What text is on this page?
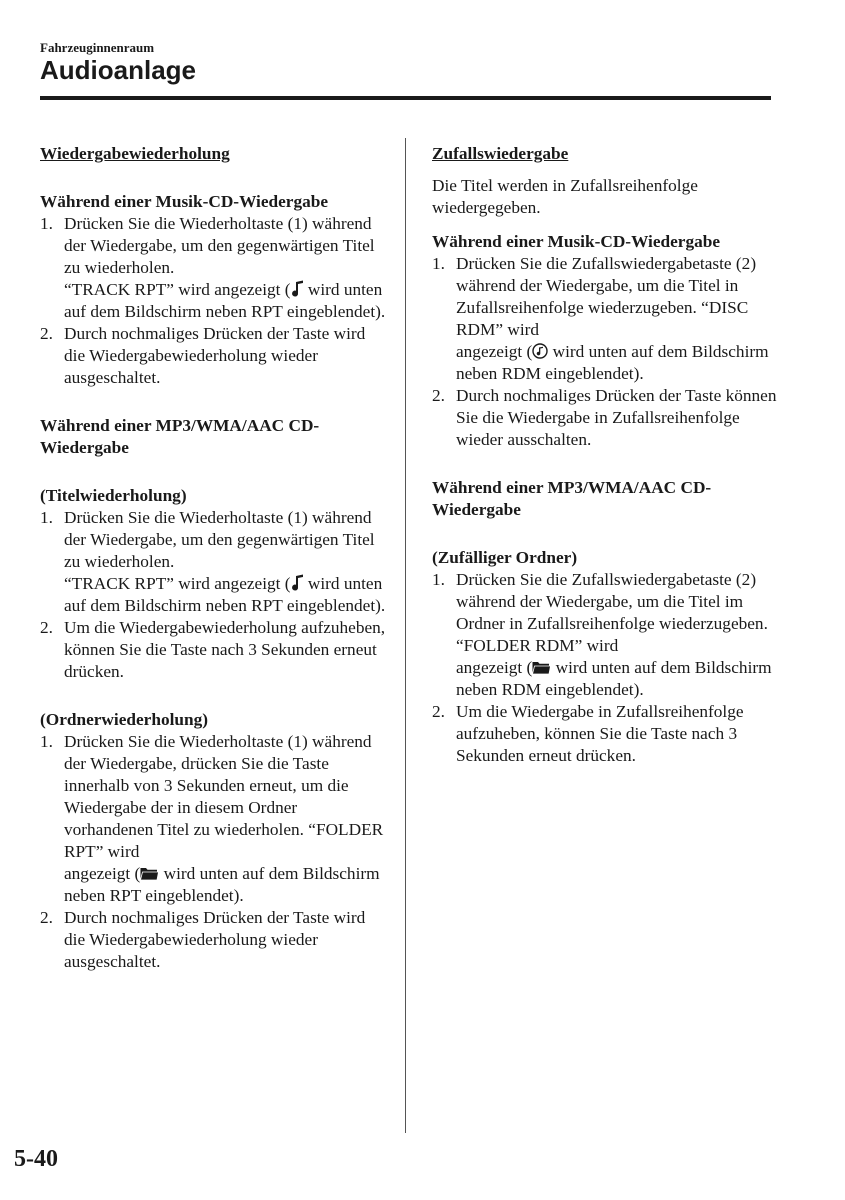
Fahrzeuginnenraum
Audioanlage

Wiedergabewiederholung

Während einer Musik-CD-Wiedergabe

1. Drücken Sie die Wiederholtaste (1) während der Wiedergabe, um den gegenwärtigen Titel zu wiederholen.
“TRACK RPT” wird angezeigt ( wird unten auf dem Bildschirm neben RPT eingeblendet).
2. Durch nochmaliges Drücken der Taste wird die Wiedergabewiederholung wieder ausgeschaltet.

Während einer MP3/WMA/AAC CD-Wiedergabe

(Titelwiederholung)

1. Drücken Sie die Wiederholtaste (1) während der Wiedergabe, um den gegenwärtigen Titel zu wiederholen.
“TRACK RPT” wird angezeigt ( wird unten auf dem Bildschirm neben RPT eingeblendet).
2. Um die Wiedergabewiederholung aufzuheben, können Sie die Taste nach 3 Sekunden erneut drücken.

(Ordnerwiederholung)

1. Drücken Sie die Wiederholtaste (1) während der Wiedergabe, drücken Sie die Taste innerhalb von 3 Sekunden erneut, um die Wiedergabe der in diesem Ordner vorhandenen Titel zu wiederholen. “FOLDER RPT” wird
angezeigt ( wird unten auf dem Bildschirm neben RPT eingeblendet).
2. Durch nochmaliges Drücken der Taste wird die Wiedergabewiederholung wieder ausgeschaltet.

Zufallswiedergabe

Die Titel werden in Zufallsreihenfolge wiedergegeben.

Während einer Musik-CD-Wiedergabe

1. Drücken Sie die Zufallswiedergabetaste (2) während der Wiedergabe, um die Titel in Zufallsreihenfolge wiederzugeben. “DISC RDM” wird
angezeigt ( wird unten auf dem Bildschirm neben RDM eingeblendet).
2. Durch nochmaliges Drücken der Taste können Sie die Wiedergabe in Zufallsreihenfolge wieder ausschalten.

Während einer MP3/WMA/AAC CD-Wiedergabe

(Zufälliger Ordner)

1. Drücken Sie die Zufallswiedergabetaste (2) während der Wiedergabe, um die Titel im Ordner in Zufallsreihenfolge wiederzugeben. “FOLDER RDM” wird
angezeigt ( wird unten auf dem Bildschirm neben RDM eingeblendet).
2. Um die Wiedergabe in Zufallsreihenfolge aufzuheben, können Sie die Taste nach 3 Sekunden erneut drücken.
5-40
